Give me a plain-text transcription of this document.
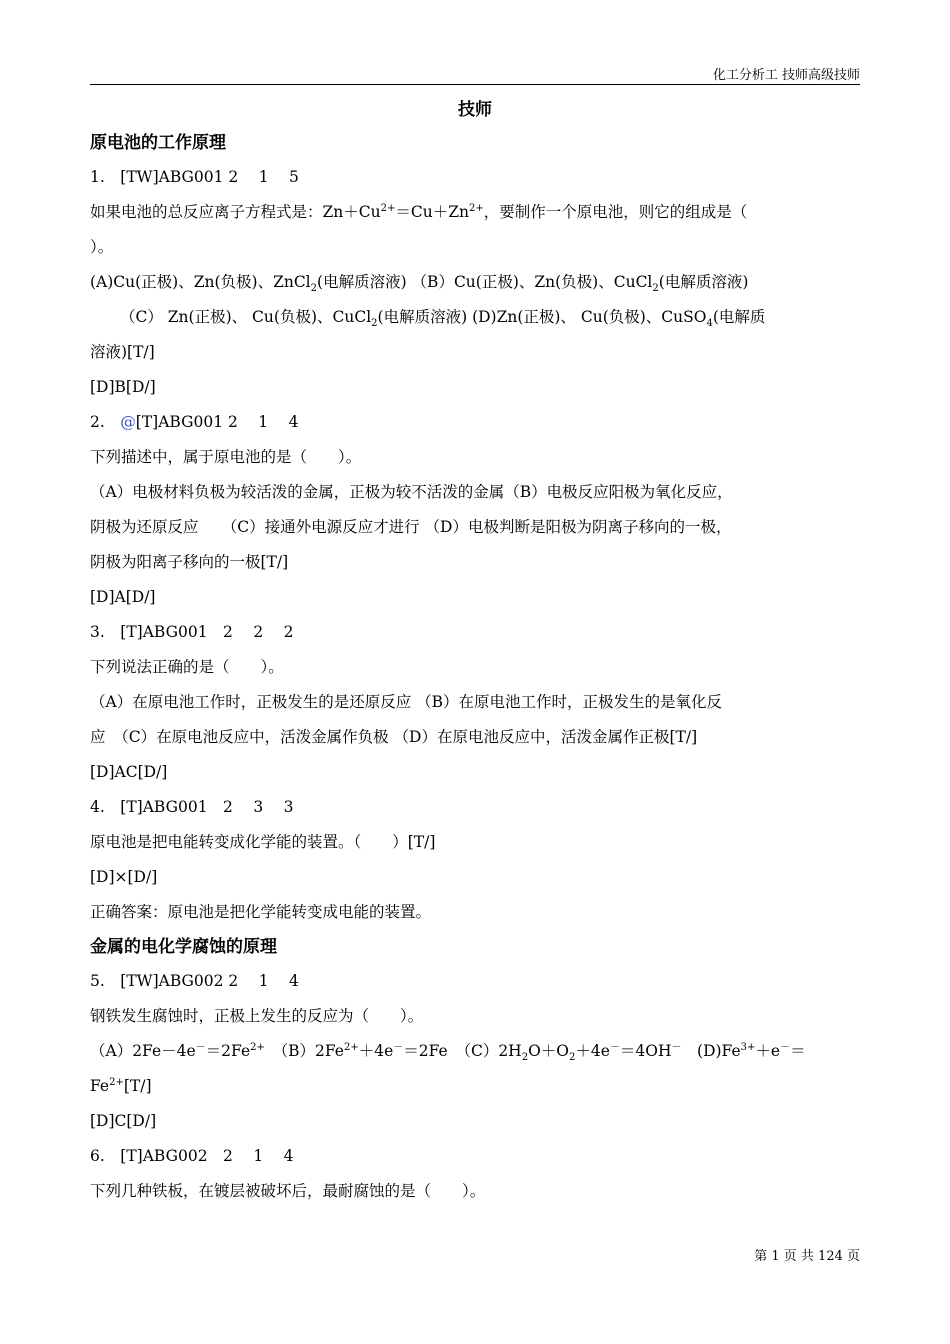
化工分析工 技师高级技师
技师
原电池的工作原理
1.　[TW]ABG001 2　 1　 5
如果电池的总反应离子方程式是：$Zn+Cu^{2+}=Cu+Zn^{2+}$，要制作一个原电池，则它的组成是（
）。
(A)Cu(正极)、Zn(负极)、ZnCl$_2$(电解质溶液) （B）Cu(正极)、Zn(负极)、CuCl$_2$(电解质溶液)
（C） Zn(正极)、 Cu(负极)、CuCl$_2$(电解质溶液) (D)Zn(正极)、 Cu(负极)、CuSO$_4$(电解质
溶液)[T/]
[D]B[D/]
2.　@[T]ABG001 2　 1　 4
下列描述中，属于原电池的是（　　）。
（A）电极材料负极为较活泼的金属，正极为较不活泼的金属（B）电极反应阳极为氧化反应，
阴极为还原反应　　（C）接通外电源反应才进行 （D）电极判断是阳极为阴离子移向的一极，
阴极为阳离子移向的一极[T/]
[D]A[D/]
3.　[T]ABG001　2　 2　 2
下列说法正确的是（　　）。
（A）在原电池工作时，正极发生的是还原反应 （B）在原电池工作时，正极发生的是氧化反
应　（C）在原电池反应中，活泼金属作负极 （D）在原电池反应中，活泼金属作正极[T/]
[D]AC[D/]
4.　[T]ABG001　2　 3　 3
原电池是把电能转变成化学能的装置。（　　）[T/]
[D]×[D/]
正确答案：原电池是把化学能转变成电能的装置。
金属的电化学腐蚀的原理
5.　[TW]ABG002 2　 1　 4
钢铁发生腐蚀时，正极上发生的反应为（　　）。
$(A)2Fe-4e^-=2Fe^{2+}$　$(B)2Fe^{2+}+4e^-=2Fe$　$(C)2H_2O+O_2+4e^-=4OH^-$　$(D)Fe^{3+}+e^-=$
$Fe^{2+}[T/]$
[D]C[D/]
6.　[T]ABG002　2　 1　 4
下列几种铁板，在镀层被破坏后，最耐腐蚀的是（　　）。
第 1 页 共 124 页
